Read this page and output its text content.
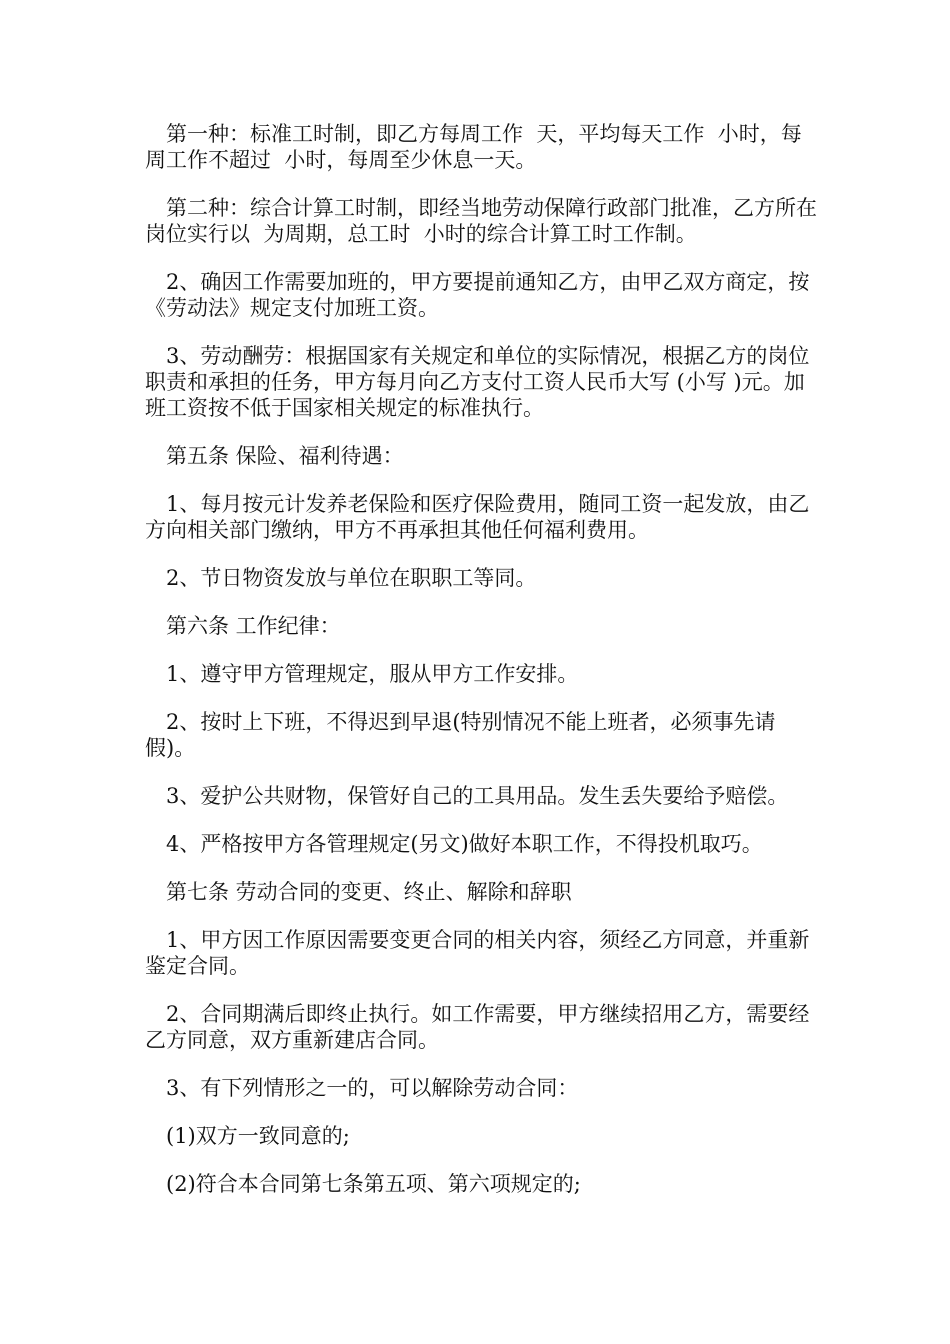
第一种：标准工时制，即乙方每周工作  天，平均每天工作  小时，每周工作不超过  小时，每周至少休息一天。

第二种：综合计算工时制，即经当地劳动保障行政部门批准，乙方所在岗位实行以  为周期，总工时  小时的综合计算工时工作制。

2、确因工作需要加班的，甲方要提前通知乙方，由甲乙双方商定，按《劳动法》规定支付加班工资。

3、劳动酬劳：根据国家有关规定和单位的实际情况，根据乙方的岗位职责和承担的任务，甲方每月向乙方支付工资人民币大写 (小写 )元。加班工资按不低于国家相关规定的标准执行。

第五条 保险、福利待遇：

1、每月按元计发养老保险和医疗保险费用，随同工资一起发放，由乙方向相关部门缴纳，甲方不再承担其他任何福利费用。

2、节日物资发放与单位在职职工等同。

第六条 工作纪律：

1、遵守甲方管理规定，服从甲方工作安排。

2、按时上下班，不得迟到早退(特别情况不能上班者，必须事先请假)。

3、爱护公共财物，保管好自己的工具用品。发生丢失要给予赔偿。

4、严格按甲方各管理规定(另文)做好本职工作，不得投机取巧。

第七条 劳动合同的变更、终止、解除和辞职

1、甲方因工作原因需要变更合同的相关内容，须经乙方同意，并重新鉴定合同。

2、合同期满后即终止执行。如工作需要，甲方继续招用乙方，需要经乙方同意，双方重新建店合同。

3、有下列情形之一的，可以解除劳动合同：

(1)双方一致同意的;

(2)符合本合同第七条第五项、第六项规定的;
